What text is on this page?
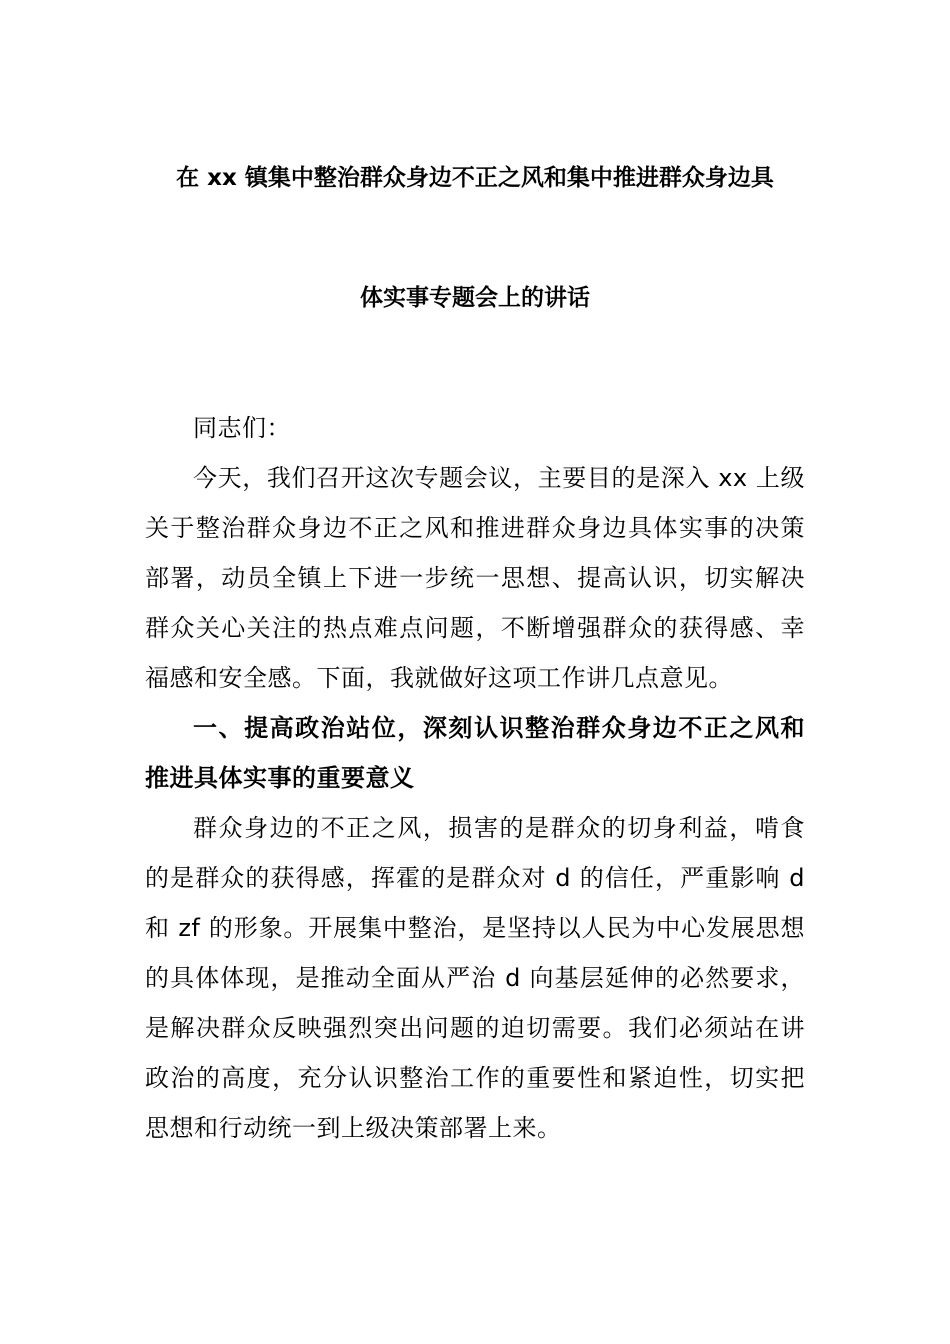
在 xx 镇集中整治群众身边不正之风和集中推进群众身边具
体实事专题会上的讲话

同志们：

今天，我们召开这次专题会议，主要目的是深入 xx 上级关于整治群众身边不正之风和推进群众身边具体实事的决策部署，动员全镇上下进一步统一思想、提高认识，切实解决群众关心关注的热点难点问题，不断增强群众的获得感、幸福感和安全感。下面，我就做好这项工作讲几点意见。

一、提高政治站位，深刻认识整治群众身边不正之风和推进具体实事的重要意义

群众身边的不正之风，损害的是群众的切身利益，啃食的是群众的获得感，挥霍的是群众对 d 的信任，严重影响 d 和 zf 的形象。开展集中整治，是坚持以人民为中心发展思想的具体体现，是推动全面从严治 d 向基层延伸的必然要求，是解决群众反映强烈突出问题的迫切需要。我们必须站在讲政治的高度，充分认识整治工作的重要性和紧迫性，切实把思想和行动统一到上级决策部署上来。
